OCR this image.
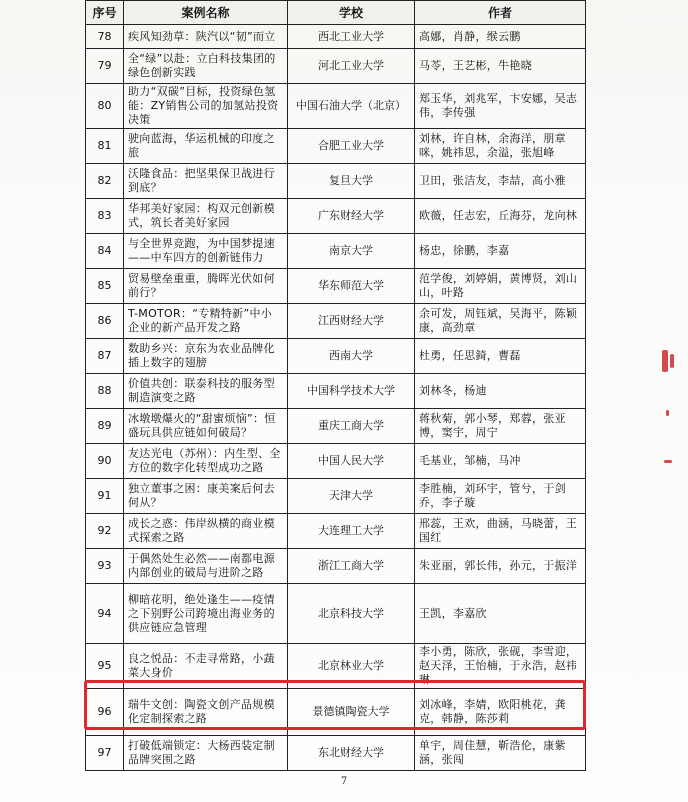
序号	案例名称	学校	作者
78	疾风知劲草：陕汽以“韧”而立	西北工业大学	高娜，肖静，缑云鹏
79	全“绿”以赴：立白科技集团的绿色创新实践	河北工业大学	马苓，王艺彬，牛艳晓
80	助力“双碳”目标，投资绿色氢能：ZY销售公司的加氢站投资决策	中国石油大学（北京）	郑玉华，刘兆军，卞安娜，吴志伟，李传强
81	驶向蓝海，华运机械的印度之旅	合肥工业大学	刘林，许自林，余海洋，朋章咪，姚祎思，余溢，张旭峰
82	沃隆食品：把坚果保卫战进行到底？	复旦大学	卫田，张洁友，李喆，高小雅
83	华邦美好家园：构双元创新模式，筑长者美好家园	广东财经大学	欧薇，任志宏，丘海芬，龙向林
84	与全世界竞跑，为中国梦提速 ——中车四方的创新链伟力	南京大学	杨忠，徐鹏，李嘉
85	贸易壁垒重重，腾晖光伏如何前行？	华东师范大学	范学俊，刘婷娟，黄博贤，刘山山，叶路
86	T-MOTOR：“专精特新”中小企业的新产品开发之路	江西财经大学	余可发，周钰斌，吴海平，陈颖康，高劲章
87	数助乡兴：京东为农业品牌化插上数字的翅膀	西南大学	杜勇，任思錡，曹磊
88	价值共创：联泰科技的服务型制造演变之路	中国科学技术大学	刘林冬，杨迪
89	冰墩墩爆火的“甜蜜烦恼”：恒盛玩具供应链如何破局？	重庆工商大学	蒋秋菊，郭小琴，郑蓉，张亚博，窦宇，周宁
90	友达光电（苏州）：内生型、全方位的数字化转型成功之路	中国人民大学	毛基业，邹楠，马冲
91	独立董事之困：康美案后何去何从？	天津大学	李胜楠，刘环宇，管兮，于剑乔，李子璇
92	成长之惑：伟岸纵横的商业模式探索之路	大连理工大学	邢蕊，王欢，曲涵，马晓蕾，王国红
93	于偶然处生必然——南都电源内部创业的破局与进阶之路	浙江工商大学	朱亚丽，郭长伟，孙元，于振洋
94	柳暗花明，绝处逢生——疫情之下别野公司跨境出海业务的供应链应急管理	北京科技大学	王凯，李嘉欣
95	良之悦品：不走寻常路，小蔬菜大身价	北京林业大学	李小勇，陈欣，张砚，李雪迎，赵天泽，王怡楠，于永浩，赵祎琳
96	瑞牛文创：陶瓷文创产品规模化定制探索之路	景德镇陶瓷大学	刘冰峰，李婧，欧阳桃花，龚克，韩静，陈莎莉
97	打破低端锁定：大杨西装定制品牌突围之路	东北财经大学	单宇，周佳慧，靳浩伦，康紫涵，张闯
7
